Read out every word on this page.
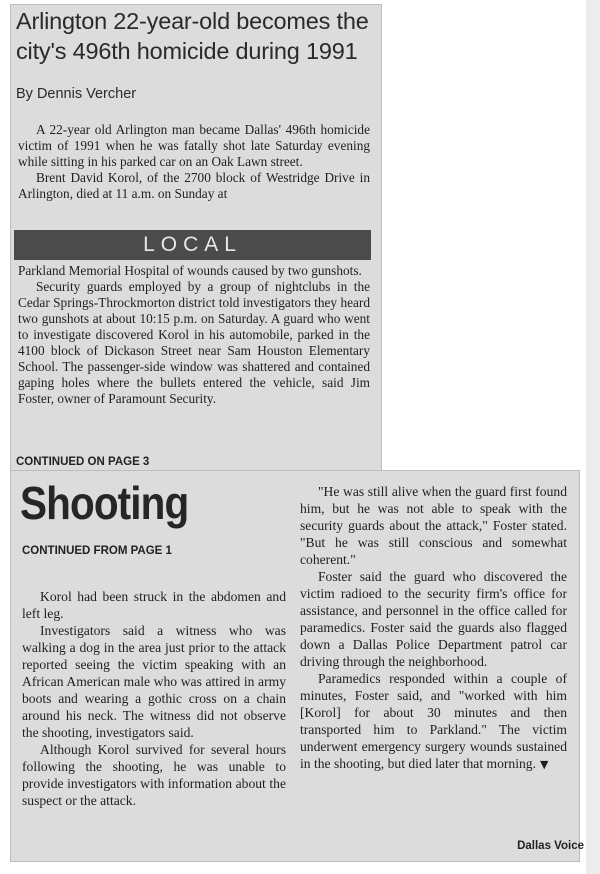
Arlington 22-year-old becomes the city's 496th homicide during 1991
By Dennis Vercher

A 22-year old Arlington man became Dallas' 496th homicide victim of 1991 when he was fatally shot late Saturday evening while sitting in his parked car on an Oak Lawn street.

Brent David Korol, of the 2700 block of Westridge Drive in Arlington, died at 11 a.m. on Sunday at

LOCAL

Parkland Memorial Hospital of wounds caused by two gunshots.

Security guards employed by a group of nightclubs in the Cedar Springs-Throckmorton district told investigators they heard two gunshots at about 10:15 p.m. on Saturday. A guard who went to investigate discovered Korol in his automobile, parked in the 4100 block of Dickason Street near Sam Houston Elementary School. The passenger-side window was shattered and contained gaping holes where the bullets entered the vehicle, said Jim Foster, owner of Paramount Security.

CONTINUED ON PAGE 3
Shooting
CONTINUED FROM PAGE 1

Korol had been struck in the abdomen and left leg.

Investigators said a witness who was walking a dog in the area just prior to the attack reported seeing the victim speaking with an African American male who was attired in army boots and wearing a gothic cross on a chain around his neck. The witness did not observe the shooting, investigators said.

Although Korol survived for several hours following the shooting, he was unable to provide investigators with information about the suspect or the attack.

"He was still alive when the guard first found him, but he was not able to speak with the security guards about the attack," Foster stated. "But he was still conscious and somewhat coherent."

Foster said the guard who discovered the victim radioed to the security firm's office for assistance, and personnel in the office called for paramedics. Foster said the guards also flagged down a Dallas Police Department patrol car driving through the neighborhood.

Paramedics responded within a couple of minutes, Foster said, and "worked with him [Korol] for about 30 minutes and then transported him to Parkland." The victim underwent emergency surgery wounds sustained in the shooting, but died later that morning. ▼

Dallas Voice
